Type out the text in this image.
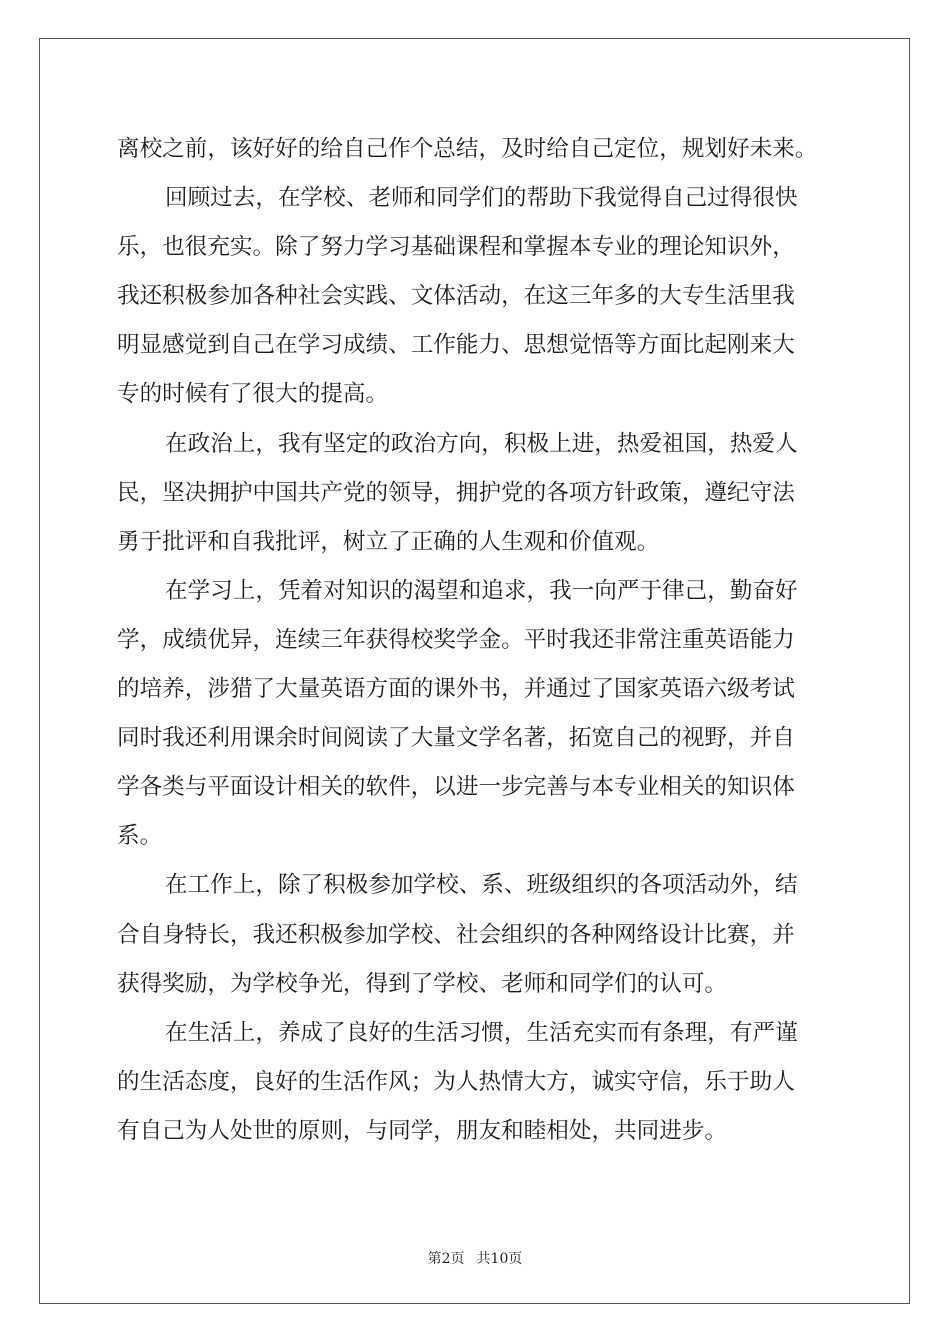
离校之前，该好好的给自己作个总结，及时给自己定位，规划好未来。
回顾过去，在学校、老师和同学们的帮助下我觉得自己过得很快
乐，也很充实。除了努力学习基础课程和掌握本专业的理论知识外，
我还积极参加各种社会实践、文体活动，在这三年多的大专生活里我
明显感觉到自己在学习成绩、工作能力、思想觉悟等方面比起刚来大
专的时候有了很大的提高。
在政治上，我有坚定的政治方向，积极上进，热爱祖国，热爱人
民，坚决拥护中国共产党的领导，拥护党的各项方针政策，遵纪守法
勇于批评和自我批评，树立了正确的人生观和价值观。
在学习上，凭着对知识的渴望和追求，我一向严于律己，勤奋好
学，成绩优异，连续三年获得校奖学金。平时我还非常注重英语能力
的培养，涉猎了大量英语方面的课外书，并通过了国家英语六级考试
同时我还利用课余时间阅读了大量文学名著，拓宽自己的视野，并自
学各类与平面设计相关的软件，以进一步完善与本专业相关的知识体
系。
在工作上，除了积极参加学校、系、班级组织的各项活动外，结
合自身特长，我还积极参加学校、社会组织的各种网络设计比赛，并
获得奖励，为学校争光，得到了学校、老师和同学们的认可。
在生活上，养成了良好的生活习惯，生活充实而有条理，有严谨
的生活态度，良好的生活作风；为人热情大方，诚实守信，乐于助人
有自己为人处世的原则，与同学，朋友和睦相处，共同进步。
第2页 共10页
